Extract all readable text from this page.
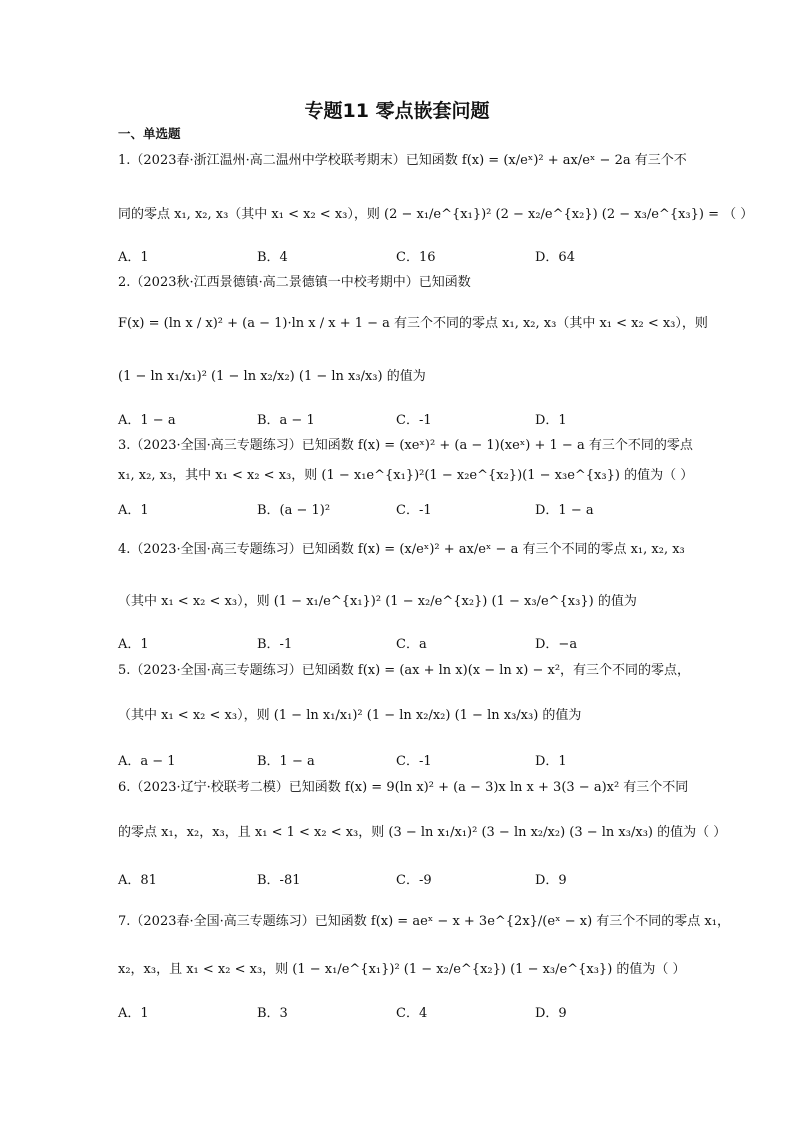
专题11 零点嵌套问题
一、单选题
1.（2023春·浙江温州·高二温州中学校联考期末）已知函数 f(x) = (x/eˣ)² + ax/eˣ − 2a 有三个不
同的零点 x₁, x₂, x₃（其中 x₁ < x₂ < x₃），则 (2 − x₁/e^{x₁})² (2 − x₂/e^{x₂}) (2 − x₃/e^{x₃}) = （ ）
A．1	B．4	C．16	D．64
2.（2023秋·江西景德镇·高二景德镇一中校考期中）已知函数
F(x) = (ln x / x)² + (a − 1)·ln x / x + 1 − a 有三个不同的零点 x₁, x₂, x₃（其中 x₁ < x₂ < x₃），则
(1 − ln x₁/x₁)² (1 − ln x₂/x₂) (1 − ln x₃/x₃) 的值为
A．1 − a	B．a − 1	C．-1	D．1
3.（2023·全国·高三专题练习）已知函数 f(x) = (xeˣ)² + (a − 1)(xeˣ) + 1 − a 有三个不同的零点
x₁, x₂, x₃，其中 x₁ < x₂ < x₃，则 (1 − x₁e^{x₁})²(1 − x₂e^{x₂})(1 − x₃e^{x₃}) 的值为（ ）
A．1	B．(a − 1)²	C．-1	D．1 − a
4.（2023·全国·高三专题练习）已知函数 f(x) = (x/eˣ)² + ax/eˣ − a 有三个不同的零点 x₁, x₂, x₃
（其中 x₁ < x₂ < x₃），则 (1 − x₁/e^{x₁})² (1 − x₂/e^{x₂}) (1 − x₃/e^{x₃}) 的值为
A．1	B．-1	C．a	D．−a
5.（2023·全国·高三专题练习）已知函数 f(x) = (ax + ln x)(x − ln x) − x²，有三个不同的零点，
（其中 x₁ < x₂ < x₃），则 (1 − ln x₁/x₁)² (1 − ln x₂/x₂) (1 − ln x₃/x₃) 的值为
A．a − 1	B．1 − a	C．-1	D．1
6.（2023·辽宁·校联考二模）已知函数 f(x) = 9(ln x)² + (a − 3)x ln x + 3(3 − a)x² 有三个不同
的零点 x₁，x₂，x₃，且 x₁ < 1 < x₂ < x₃，则 (3 − ln x₁/x₁)² (3 − ln x₂/x₂) (3 − ln x₃/x₃) 的值为（ ）
A．81	B．-81	C．-9	D．9
7.（2023春·全国·高三专题练习）已知函数 f(x) = aeˣ − x + 3e^{2x}/(eˣ − x) 有三个不同的零点 x₁，
x₂，x₃，且 x₁ < x₂ < x₃，则 (1 − x₁/e^{x₁})² (1 − x₂/e^{x₂}) (1 − x₃/e^{x₃}) 的值为（ ）
A．1	B．3	C．4	D．9
